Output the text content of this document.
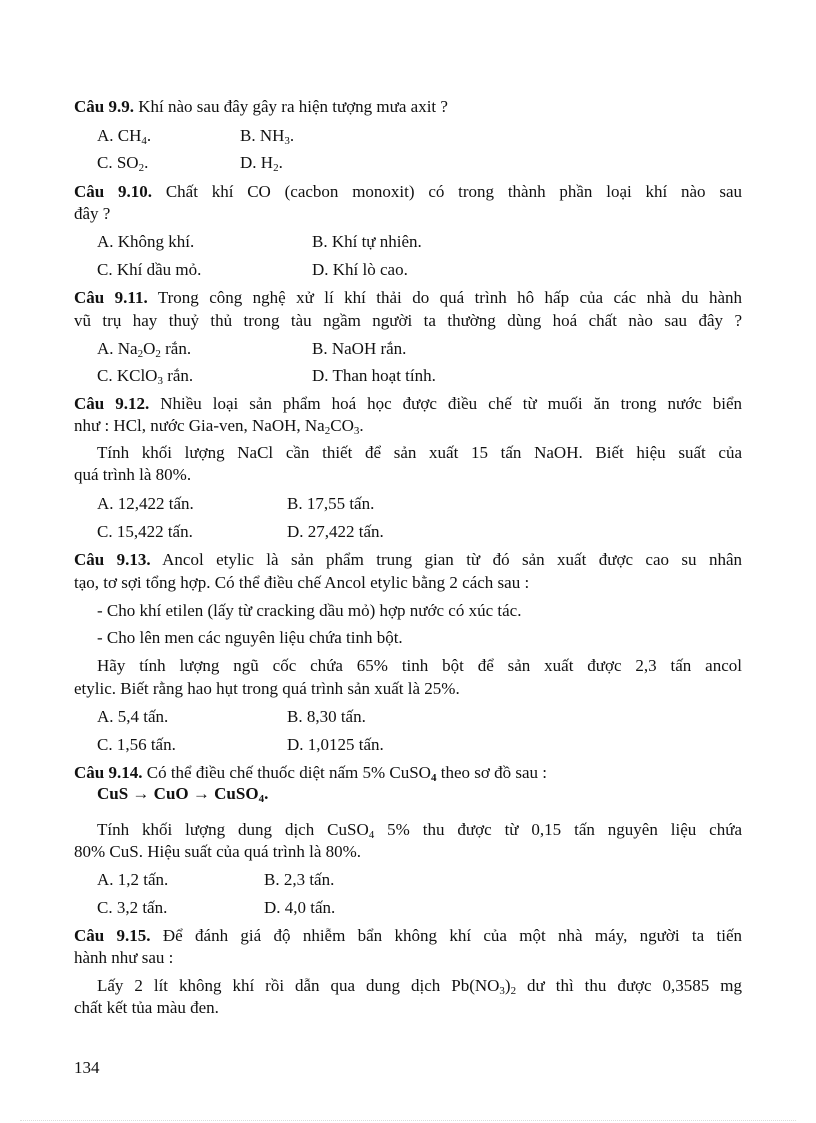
Câu 9.9. Khí nào sau đây gây ra hiện tượng mưa axit ?
A. $CH_4$.	B. $NH_3$.
C. $SO_2$.	D. $H_2$.
Câu 9.10. Chất khí CO (cacbon monoxit) có trong thành phần loại khí nào sau
đây ?
A. Không khí.	B. Khí tự nhiên.
C. Khí dầu mỏ.	D. Khí lò cao.
Câu 9.11. Trong công nghệ xử lí khí thải do quá trình hô hấp của các nhà du hành
vũ trụ hay thuỷ thủ trong tàu ngầm người ta thường dùng hoá chất nào sau đây ?
A. $Na_2O_2$ rắn.	B. NaOH rắn.
C. KClO$_3$ rắn.	D. Than hoạt tính.
Câu 9.12. Nhiều loại sản phẩm hoá học được điều chế từ muối ăn trong nước biển
như : HCl, nước Gia-ven, NaOH, $Na_2CO_3$.
Tính khối lượng NaCl cần thiết để sản xuất 15 tấn NaOH. Biết hiệu suất của
quá trình là 80%.
A. 12,422 tấn.	B. 17,55 tấn.
C. 15,422 tấn.	D. 27,422 tấn.
Câu 9.13. Ancol etylic là sản phẩm trung gian từ đó sản xuất được cao su nhân
tạo, tơ sợi tổng hợp. Có thể điều chế Ancol etylic bằng 2 cách sau :
- Cho khí etilen (lấy từ cracking dầu mỏ) hợp nước có xúc tác.
- Cho lên men các nguyên liệu chứa tinh bột.
Hãy tính lượng ngũ cốc chứa 65% tinh bột để sản xuất được 2,3 tấn ancol
etylic. Biết rằng hao hụt trong quá trình sản xuất là 25%.
A. 5,4 tấn.	B. 8,30 tấn.
C. 1,56 tấn.	D. 1,0125 tấn.
Câu 9.14. Có thể điều chế thuốc diệt nấm 5% CuSO$_4$ theo sơ đồ sau :
CuS → CuO → CuSO$_4$.
Tính khối lượng dung dịch CuSO$_4$ 5% thu được từ 0,15 tấn nguyên liệu chứa
80% CuS. Hiệu suất của quá trình là 80%.
A. 1,2 tấn.	B. 2,3 tấn.
C. 3,2 tấn.	D. 4,0 tấn.
Câu 9.15. Để đánh giá độ nhiễm bẩn không khí của một nhà máy, người ta tiến
hành như sau :
Lấy 2 lít không khí rồi dẫn qua dung dịch $Pb(NO_3)_2$ dư thì thu được 0,3585 mg
chất kết tủa màu đen.
134
